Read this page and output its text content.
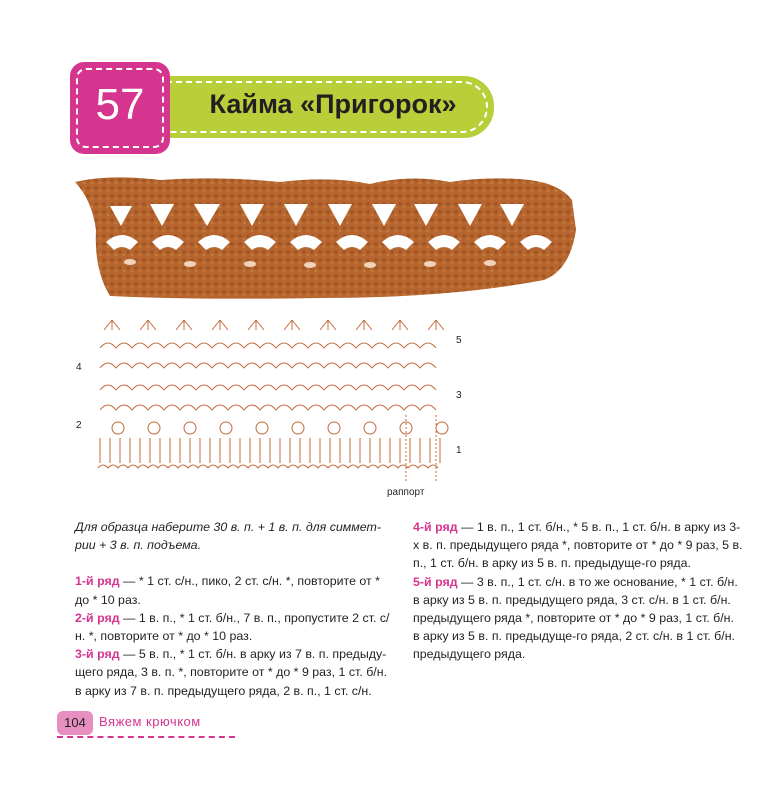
Кайма «Пригорок»
57
5
4
3
2
1
раппорт

Для образца наберите 30 в. п. + 1 в. п. для симмет-рии + 3 в. п. подъема.

1-й ряд — * 1 ст. с/н., пико, 2 ст. с/н. *, повторите от * до * 10 раз.

2-й ряд — 1 в. п., * 1 ст. б/н., 7 в. п., пропустите 2 ст. с/н. *, повторите от * до * 10 раз.

3-й ряд — 5 в. п., * 1 ст. б/н. в арку из 7 в. п. предыду-щего ряда, 3 в. п. *, повторите от * до * 9 раз, 1 ст. б/н. в арку из 7 в. п. предыдущего ряда, 2 в. п., 1 ст. с/н.

4-й ряд — 1 в. п., 1 ст. б/н., * 5 в. п., 1 ст. б/н. в арку из 3-х в. п. предыдущего ряда *, повторите от * до * 9 раз, 5 в. п., 1 ст. б/н. в арку из 5 в. п. предыдуще-го ряда.

5-й ряд — 3 в. п., 1 ст. с/н. в то же основание, * 1 ст. б/н. в арку из 5 в. п. предыдущего ряда, 3 ст. с/н. в 1 ст. б/н. предыдущего ряда *, повторите от * до * 9 раз, 1 ст. б/н. в арку из 5 в. п. предыдуще-го ряда, 2 ст. с/н. в 1 ст. б/н. предыдущего ряда.

104	Вяжем крючком
